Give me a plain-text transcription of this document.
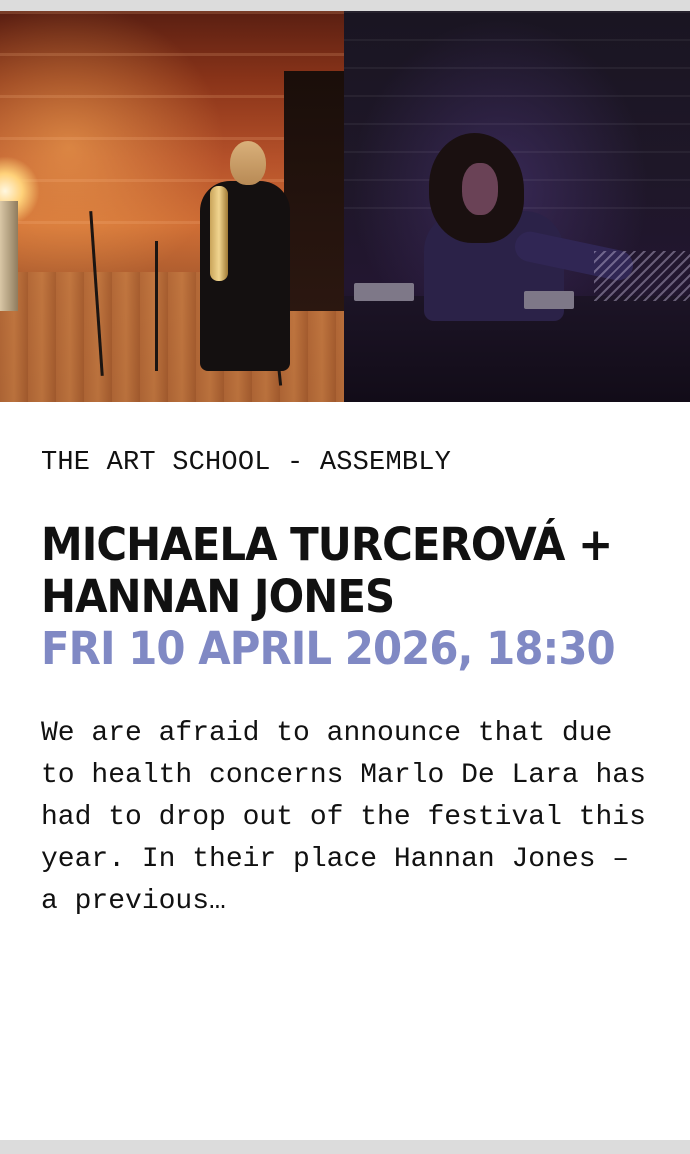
THE ART SCHOOL - ASSEMBLY
MICHAELA TURCEROVÁ + HANNAN JONES
FRI 10 APRIL 2026, 18:30
We are afraid to announce that due to health concerns Marlo De Lara has had to drop out of the festival this year. In their place Hannan Jones – a previous…
